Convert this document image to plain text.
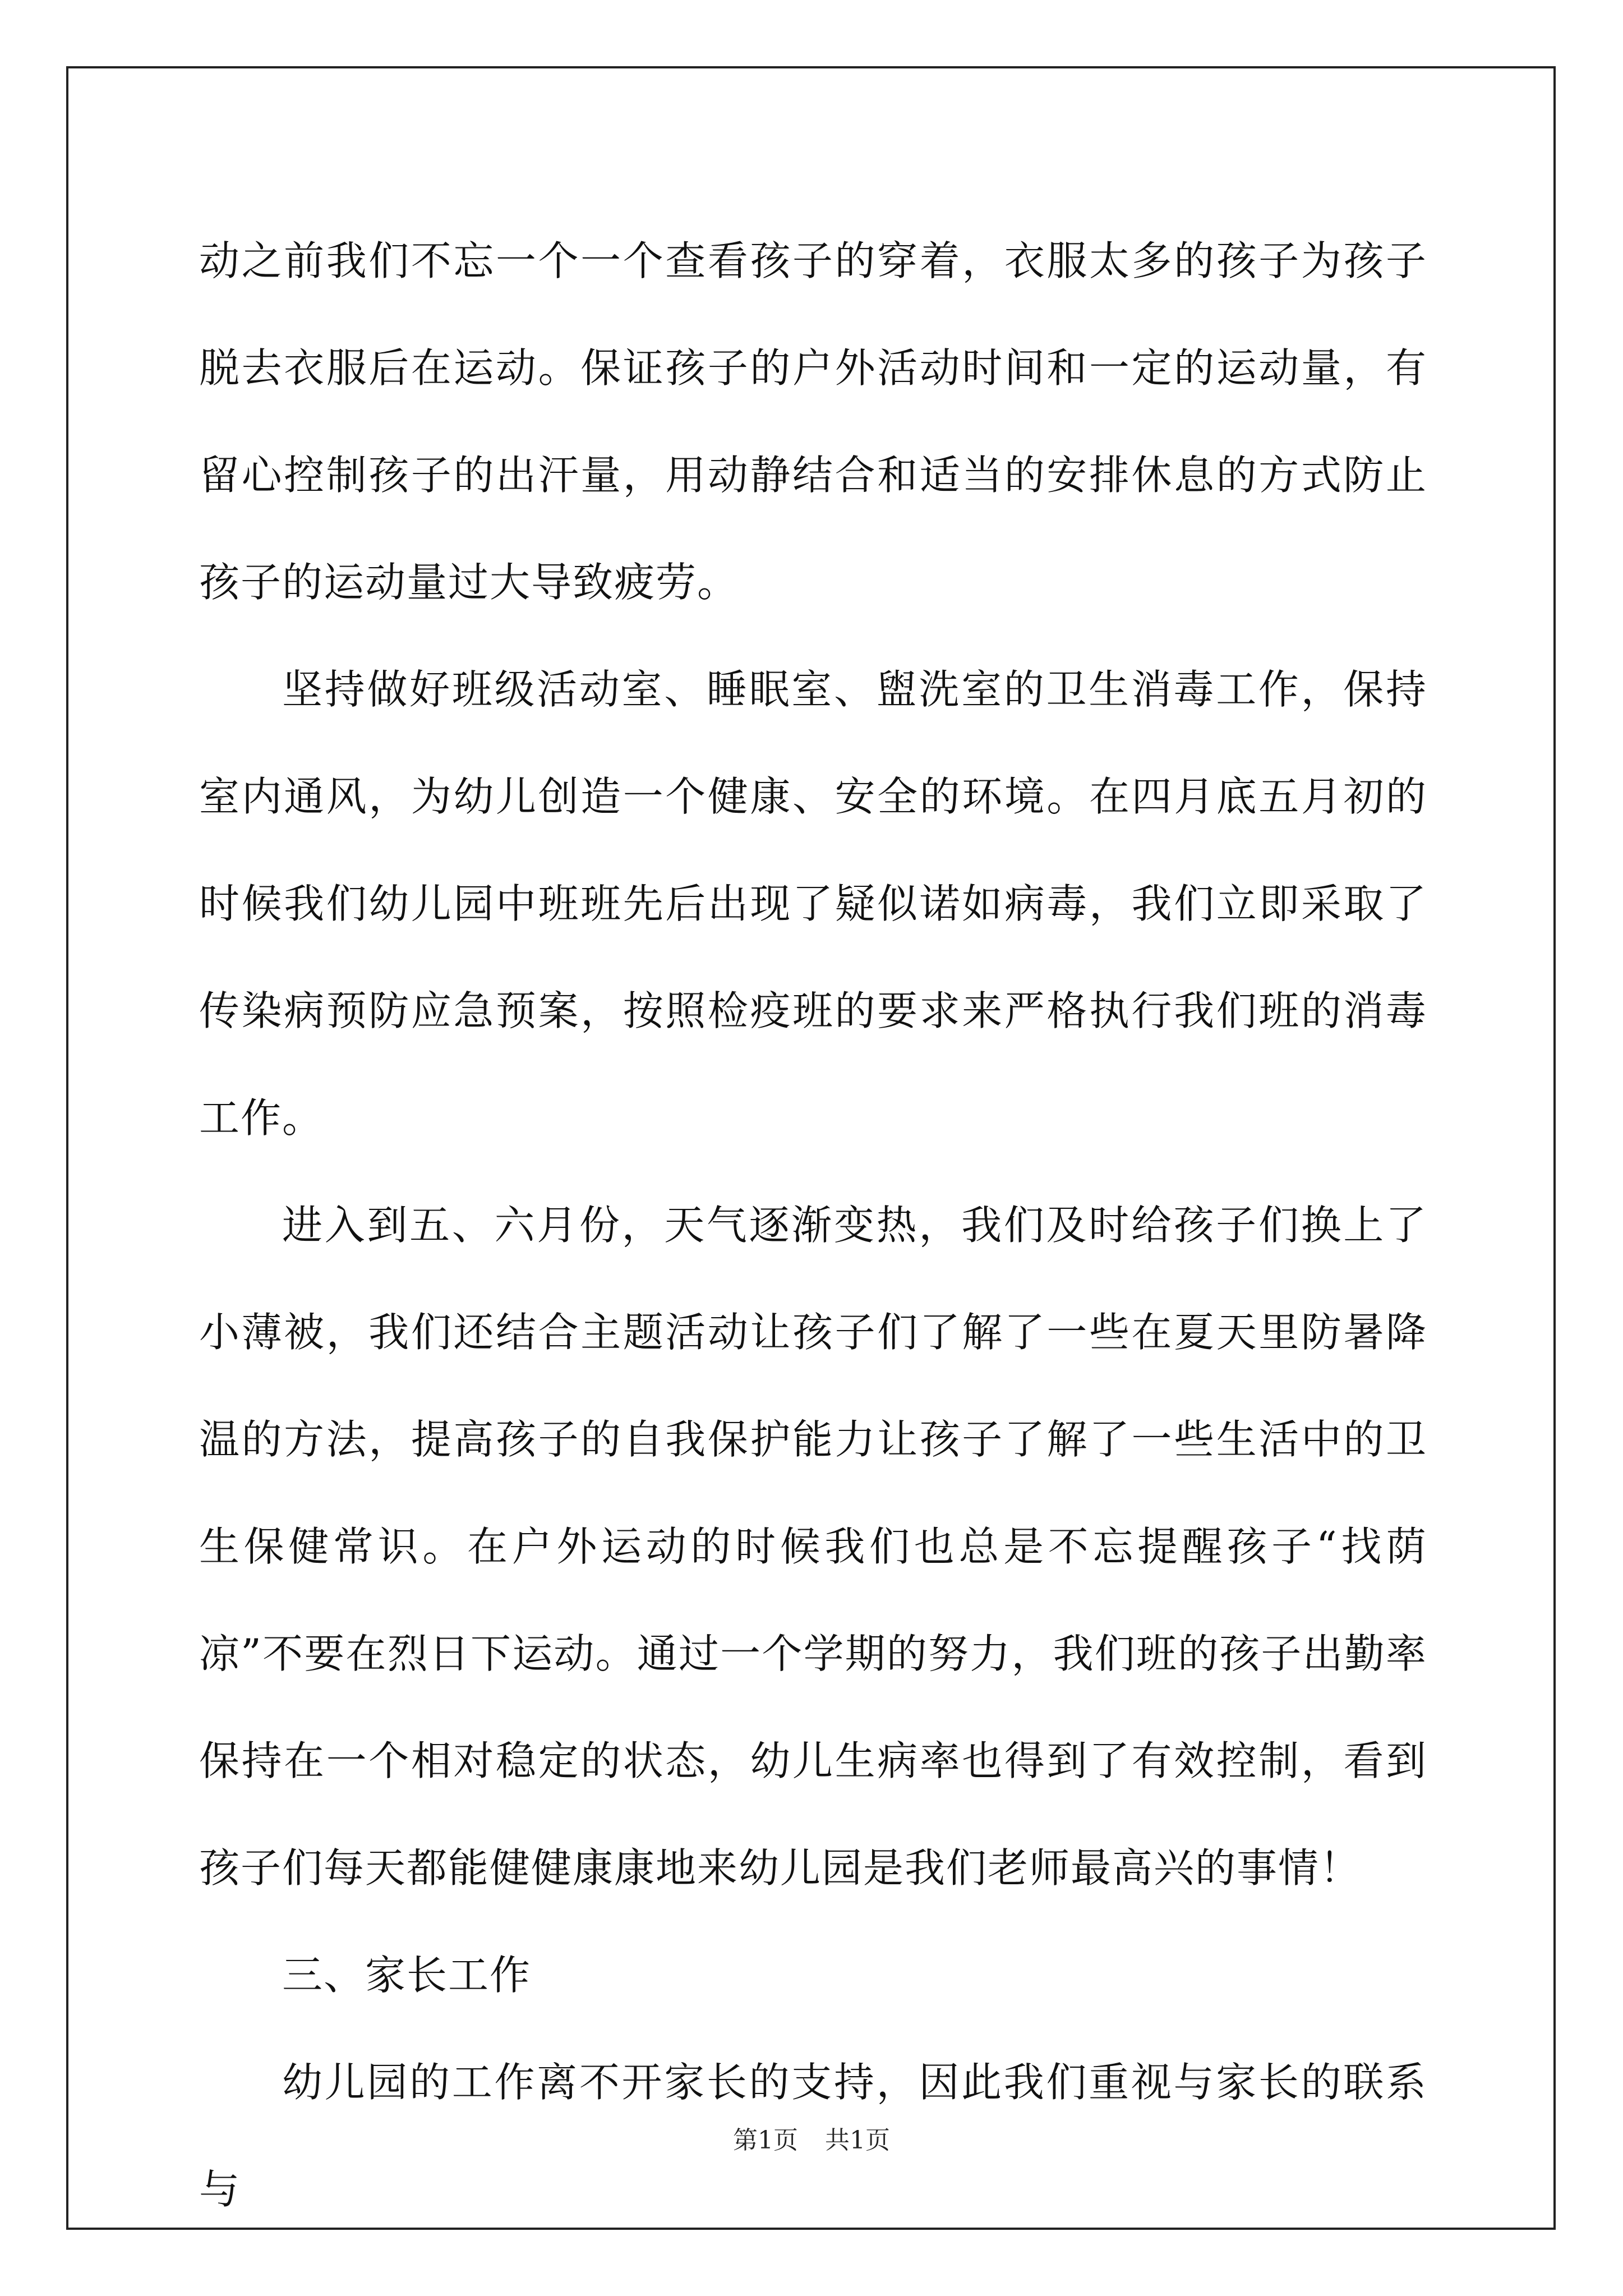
动之前我们不忘一个一个查看孩子的穿着，衣服太多的孩子为孩子脱去衣服后在运动。保证孩子的户外活动时间和一定的运动量，有留心控制孩子的出汗量，用动静结合和适当的安排休息的方式防止孩子的运动量过大导致疲劳。

坚持做好班级活动室、睡眠室、盥洗室的卫生消毒工作，保持室内通风，为幼儿创造一个健康、安全的环境。在四月底五月初的时候我们幼儿园中班班先后出现了疑似诺如病毒，我们立即采取了传染病预防应急预案，按照检疫班的要求来严格执行我们班的消毒工作。

进入到五、六月份，天气逐渐变热，我们及时给孩子们换上了小薄被，我们还结合主题活动让孩子们了解了一些在夏天里防暑降温的方法，提高孩子的自我保护能力让孩子了解了一些生活中的卫生保健常识。在户外运动的时候我们也总是不忘提醒孩子“找荫凉”不要在烈日下运动。通过一个学期的努力，我们班的孩子出勤率保持在一个相对稳定的状态，幼儿生病率也得到了有效控制，看到孩子们每天都能健健康康地来幼儿园是我们老师最高兴的事情！

三、家长工作

幼儿园的工作离不开家长的支持，因此我们重视与家长的联系与

第1页 共1页
